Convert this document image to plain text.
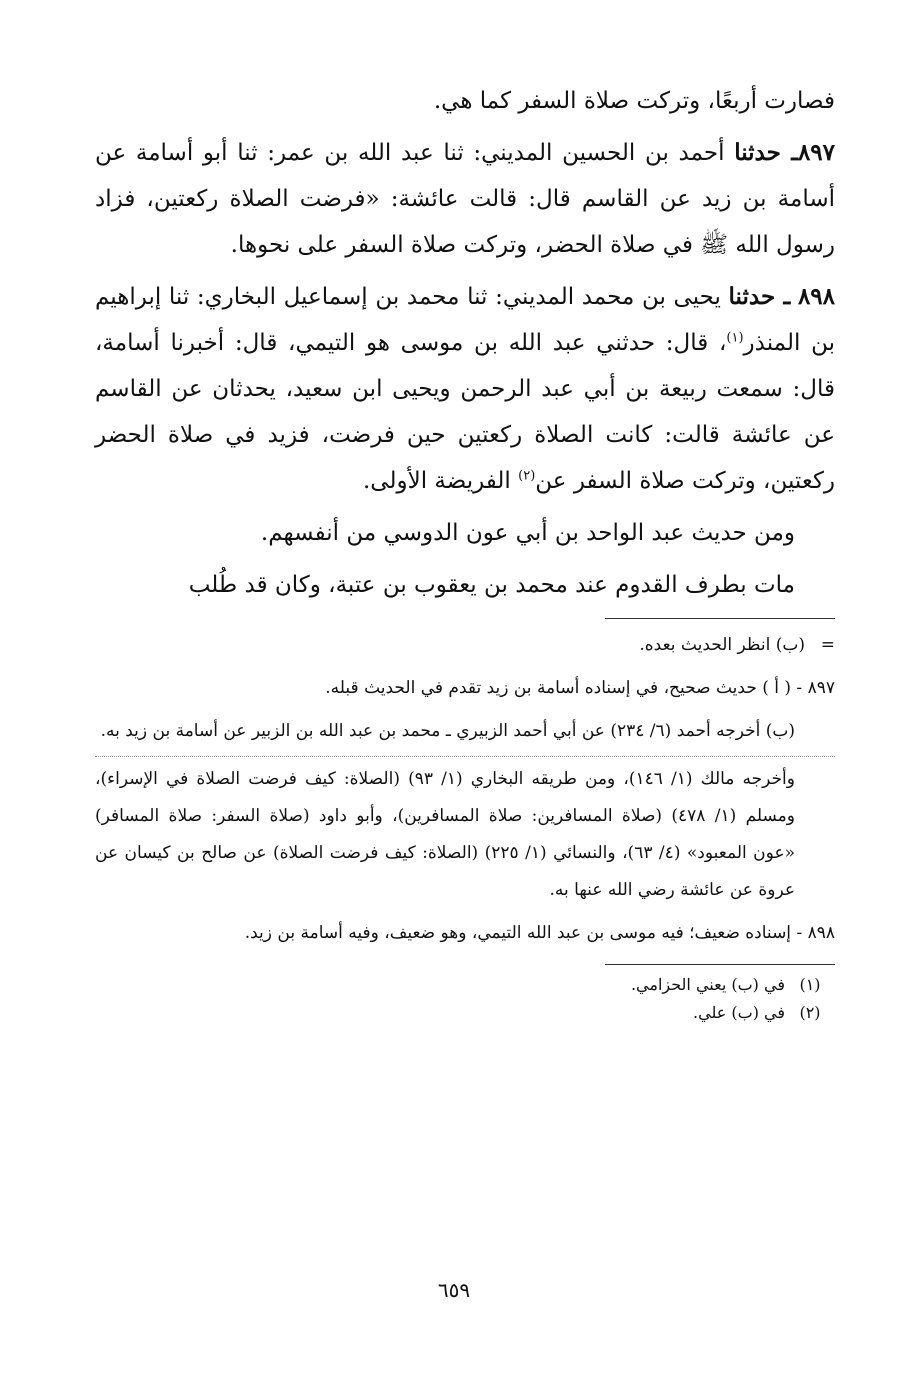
فصارت أربعًا، وتركت صلاة السفر كما هي.

٨٩٧ـ حدثنا أحمد بن الحسين المديني: ثنا عبد الله بن عمر: ثنا أبو أسامة عن أسامة بن زيد عن القاسم قال: قالت عائشة: «فرضت الصلاة ركعتين، فزاد رسول الله ﷺ في صلاة الحضر، وتركت صلاة السفر على نحوها.

٨٩٨ ـ حدثنا يحيى بن محمد المديني: ثنا محمد بن إسماعيل البخاري: ثنا إبراهيم بن المنذر$^{(١)}$، قال: حدثني عبد الله بن موسى هو التيمي، قال: أخبرنا أسامة، قال: سمعت ربيعة بن أبي عبد الرحمن ويحيى ابن سعيد، يحدثان عن القاسم عن عائشة قالت: كانت الصلاة ركعتين حين فرضت، فزيد في صلاة الحضر ركعتين، وتركت صلاة السفر عن$^{(٢)}$ الفريضة الأولى.

ومن حديث عبد الواحد بن أبي عون الدوسي من أنفسهم.

مات بطرف القدوم عند محمد بن يعقوب بن عتبة، وكان قد طُلب

=(ب) انظر الحديث بعده.

٨٩٧ - ( أ ) حديث صحيح، في إسناده أسامة بن زيد تقدم في الحديث قبله.

(ب) أخرجه أحمد (٦/ ٢٣٤) عن أبي أحمد الزبيري ـ محمد بن عبد الله بن الزبير عن أسامة بن زيد به.

وأخرجه مالك (١/ ١٤٦)، ومن طريقه البخاري (١/ ٩٣) (الصلاة: كيف فرضت الصلاة في الإسراء)، ومسلم (١/ ٤٧٨) (صلاة المسافرين: صلاة المسافرين)، وأبو داود (صلاة السفر: صلاة المسافر) «عون المعبود» (٤/ ٦٣)، والنسائي (١/ ٢٢٥) (الصلاة: كيف فرضت الصلاة) عن صالح بن كيسان عن عروة عن عائشة رضي الله عنها به.

٨٩٨ - إسناده ضعيف؛ فيه موسى بن عبد الله التيمي، وهو ضعيف، وفيه أسامة بن زيد.

(١)في (ب) يعني الحزامي.

(٢)في (ب) علي.

٦٥٩
